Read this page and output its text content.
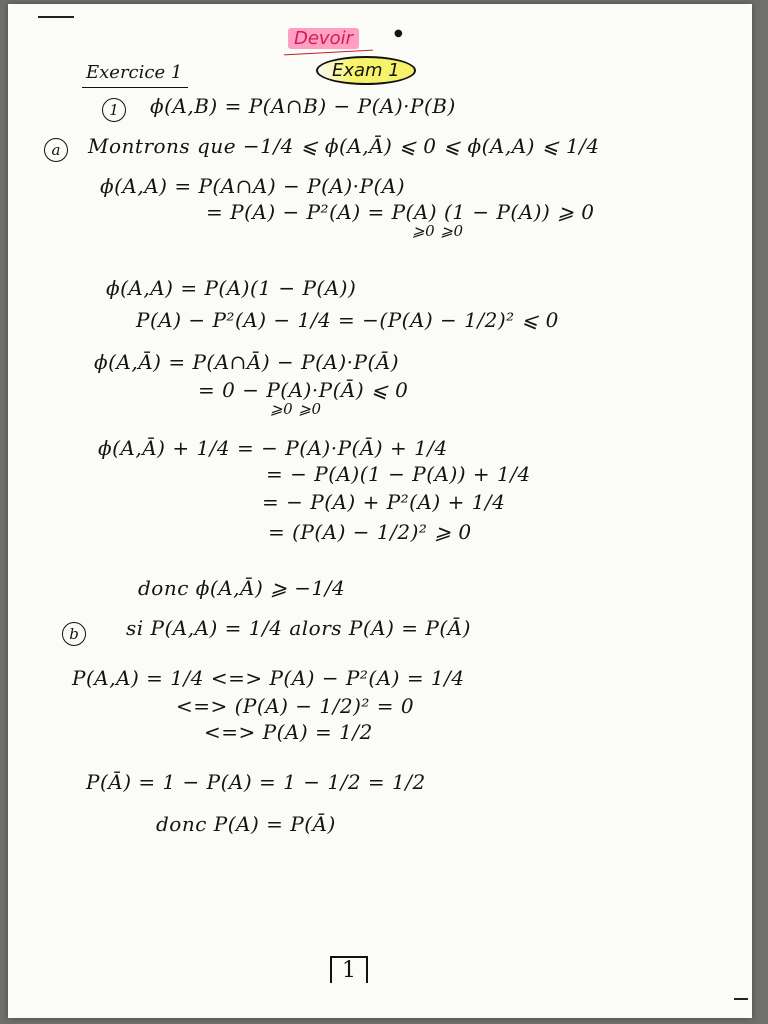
●
Devoir
Exam 1
Exercice 1
1	ϕ(A,B) = P(A∩B) − P(A)·P(B)
a	Montrons que −1/4 ⩽ ϕ(A,Ā) ⩽ 0 ⩽ ϕ(A,A) ⩽ 1/4
ϕ(A,A) = P(A∩A) − P(A)·P(A)
= P(A) − P²(A) = P(A) (1 − P(A)) ⩾ 0
⩾0 ⩾0
ϕ(A,A) = P(A)(1 − P(A))
P(A) − P²(A) − 1/4 = −(P(A) − 1/2)² ⩽ 0
ϕ(A,Ā) = P(A∩Ā) − P(A)·P(Ā)
= 0 − P(A)·P(Ā) ⩽ 0
⩾0 ⩾0
ϕ(A,Ā) + 1/4 = − P(A)·P(Ā) + 1/4
= − P(A)(1 − P(A)) + 1/4
= − P(A) + P²(A) + 1/4
= (P(A) − 1/2)² ⩾ 0
donc ϕ(A,Ā) ⩾ −1/4
b	si P(A,A) = 1/4 alors P(A) = P(Ā)
P(A,A) = 1/4 <=> P(A) − P²(A) = 1/4
<=> (P(A) − 1/2)² = 0
<=> P(A) = 1/2
P(Ā) = 1 − P(A) = 1 − 1/2 = 1/2
donc P(A) = P(Ā)
1
